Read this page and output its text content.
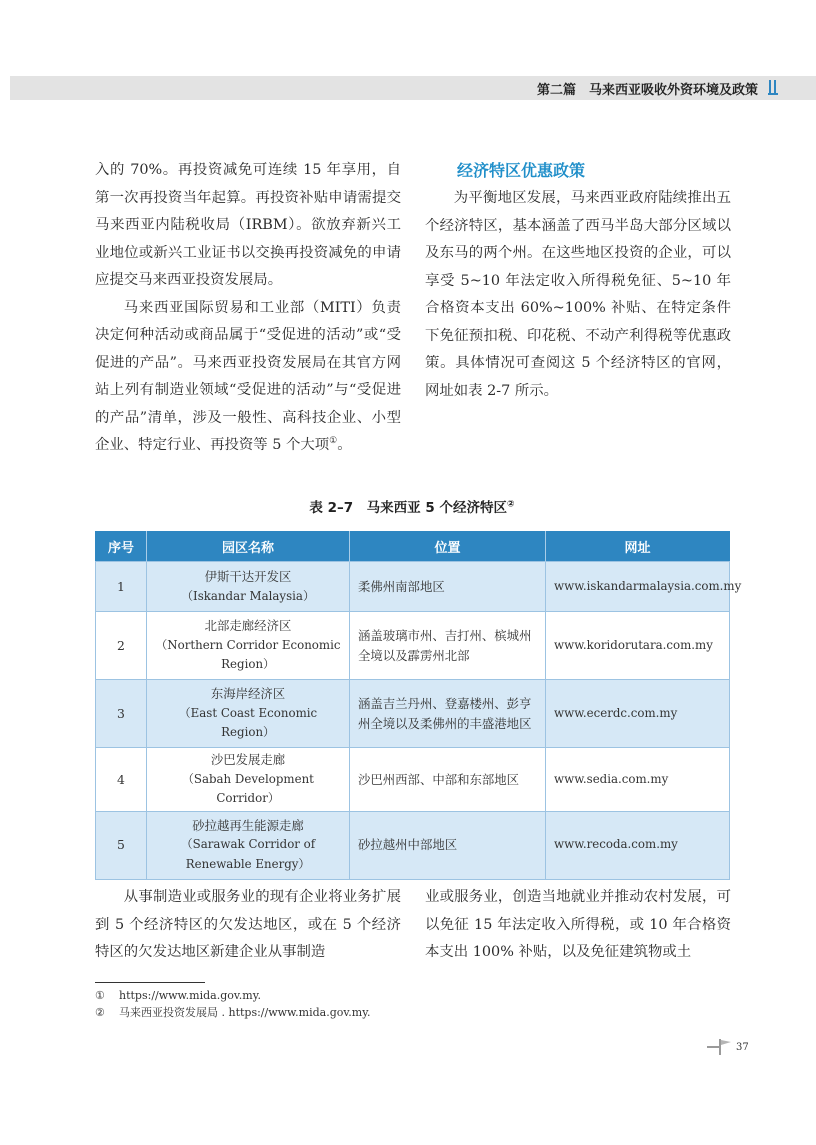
第二篇　马来西亚吸收外资环境及政策

入的 70%。再投资减免可连续 15 年享用，自第一次再投资当年起算。再投资补贴申请需提交马来西亚内陆税收局（IRBM）。欲放弃新兴工业地位或新兴工业证书以交换再投资减免的申请应提交马来西亚投资发展局。

马来西亚国际贸易和工业部（MITI）负责决定何种活动或商品属于“受促进的活动”或“受促进的产品”。马来西亚投资发展局在其官方网站上列有制造业领域“受促进的活动”与“受促进的产品”清单，涉及一般性、高科技企业、小型企业、特定行业、再投资等 5 个大项①。

经济特区优惠政策

为平衡地区发展，马来西亚政府陆续推出五个经济特区，基本涵盖了西马半岛大部分区域以及东马的两个州。在这些地区投资的企业，可以享受 5~10 年法定收入所得税免征、5~10 年合格资本支出 60%~100% 补贴、在特定条件下免征预扣税、印花税、不动产利得税等优惠政策。具体情况可查阅这 5 个经济特区的官网，网址如表 2-7 所示。

表 2–7　马来西亚 5 个经济特区②
序号	园区名称	位置	网址
1	伊斯干达开发区
（Iskandar Malaysia）	柔佛州南部地区	www.iskandarmalaysia.com.my
2	北部走廊经济区
（Northern Corridor Economic Region）	涵盖玻璃市州、吉打州、槟城州全境以及霹雳州北部	www.koridorutara.com.my
3	东海岸经济区
（East Coast Economic Region）	涵盖吉兰丹州、登嘉楼州、彭亨州全境以及柔佛州的丰盛港地区	www.ecerdc.com.my
4	沙巴发展走廊
（Sabah Development Corridor）	沙巴州西部、中部和东部地区	www.sedia.com.my
5	砂拉越再生能源走廊
（Sarawak Corridor of Renewable Energy）	砂拉越州中部地区	www.recoda.com.my

从事制造业或服务业的现有企业将业务扩展到 5 个经济特区的欠发达地区，或在 5 个经济特区的欠发达地区新建企业从事制造

业或服务业，创造当地就业并推动农村发展，可以免征 15 年法定收入所得税，或 10 年合格资本支出 100% 补贴，以及免征建筑物或土

① https://www.mida.gov.my.
② 马来西亚投资发展局 . https://www.mida.gov.my.
37
